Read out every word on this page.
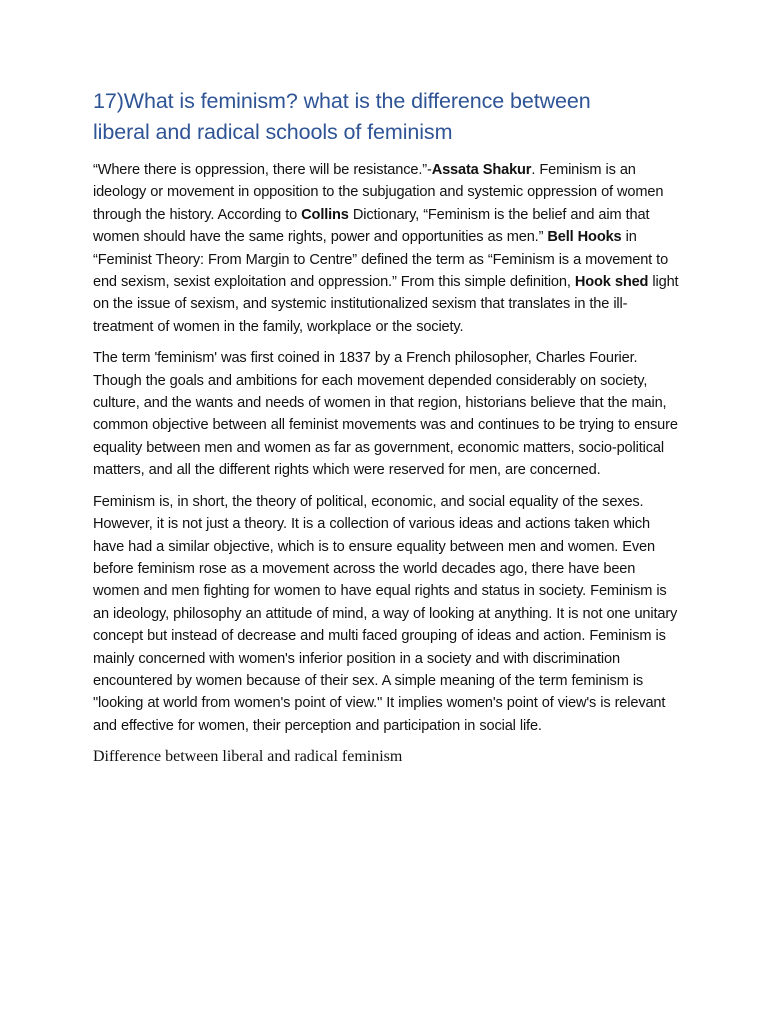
17)What is feminism? what is the difference between
liberal and radical schools of feminism

“Where there is oppression, there will be resistance.”-Assata Shakur. Feminism is an ideology or movement in opposition to the subjugation and systemic oppression of women through the history. According to Collins Dictionary, “Feminism is the belief and aim that women should have the same rights, power and opportunities as men.” Bell Hooks in “Feminist Theory: From Margin to Centre” defined the term as “Feminism is a movement to end sexism, sexist exploitation and oppression.” From this simple definition, Hook shed light on the issue of sexism, and systemic institutionalized sexism that translates in the ill- treatment of women in the family, workplace or the society.

The term 'feminism' was first coined in 1837 by a French philosopher, Charles Fourier. Though the goals and ambitions for each movement depended considerably on society, culture, and the wants and needs of women in that region, historians believe that the main, common objective between all feminist movements was and continues to be trying to ensure equality between men and women as far as government, economic matters, socio-political matters, and all the different rights which were reserved for men, are concerned.

Feminism is, in short, the theory of political, economic, and social equality of the sexes. However, it is not just a theory. It is a collection of various ideas and actions taken which have had a similar objective, which is to ensure equality between men and women. Even before feminism rose as a movement across the world decades ago, there have been women and men fighting for women to have equal rights and status in society. Feminism is an ideology, philosophy an attitude of mind, a way of looking at anything. It is not one unitary concept but instead of decrease and multi faced grouping of ideas and action. Feminism is mainly concerned with women's inferior position in a society and with discrimination encountered by women because of their sex. A simple meaning of the term feminism is "looking at world from women's point of view." It implies women's point of view's is relevant and effective for women, their perception and participation in social life.

Difference between liberal and radical feminism
